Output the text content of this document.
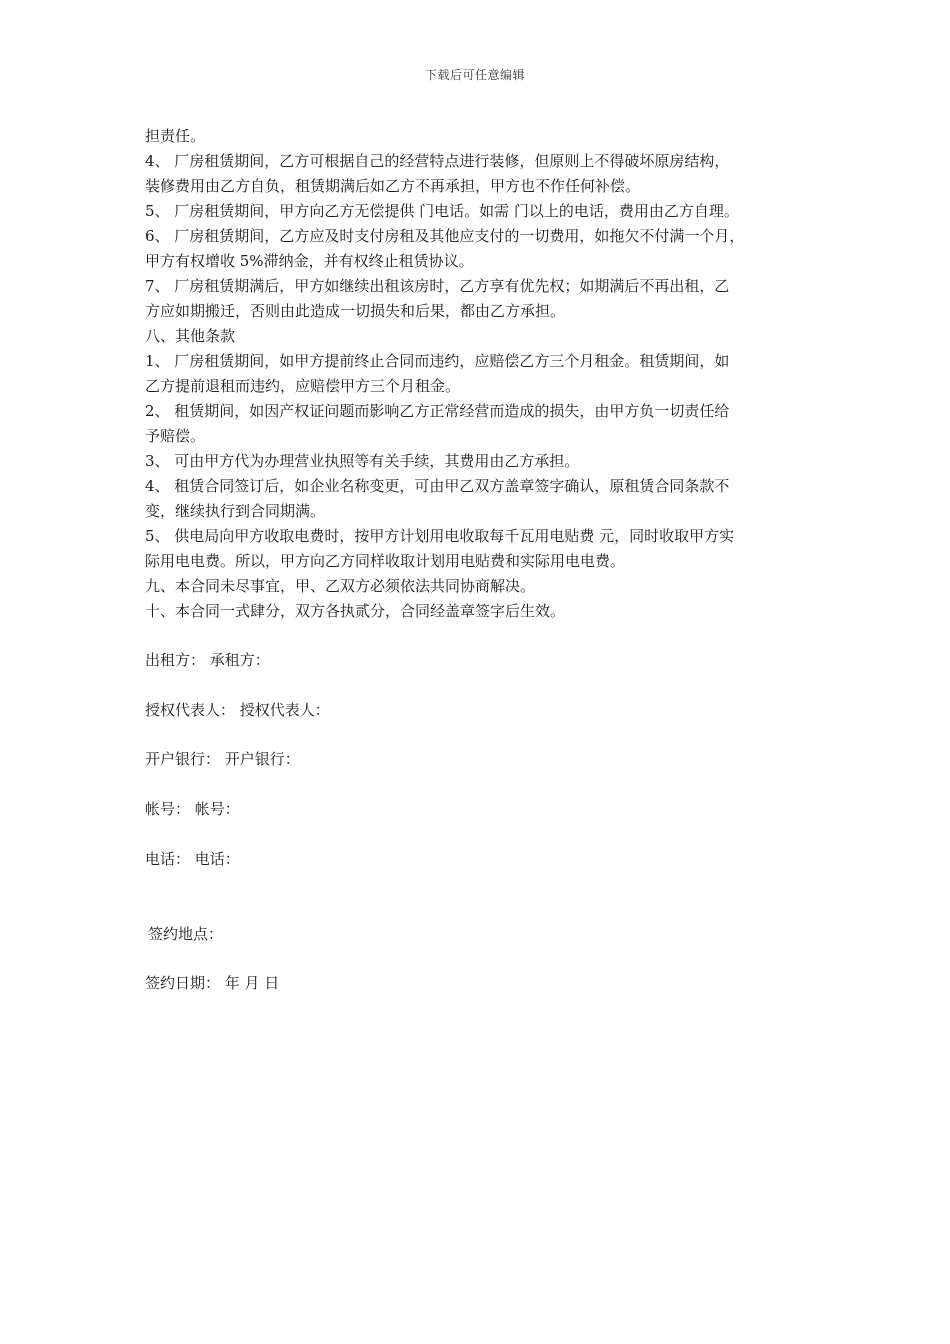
下载后可任意编辑

担责任。

4、 厂房租赁期间，乙方可根据自己的经营特点进行装修，但原则上不得破坏原房结构，

装修费用由乙方自负，租赁期满后如乙方不再承担，甲方也不作任何补偿。

5、 厂房租赁期间，甲方向乙方无偿提供 门电话。如需 门以上的电话，费用由乙方自理。

6、 厂房租赁期间，乙方应及时支付房租及其他应支付的一切费用，如拖欠不付满一个月，

甲方有权增收 5%滞纳金，并有权终止租赁协议。

7、 厂房租赁期满后，甲方如继续出租该房时，乙方享有优先权；如期满后不再出租，乙

方应如期搬迁，否则由此造成一切损失和后果，都由乙方承担。

八、其他条款

1、 厂房租赁期间，如甲方提前终止合同而违约，应赔偿乙方三个月租金。租赁期间，如

乙方提前退租而违约，应赔偿甲方三个月租金。

2、 租赁期间，如因产权证问题而影响乙方正常经营而造成的损失，由甲方负一切责任给

予赔偿。

3、 可由甲方代为办理营业执照等有关手续，其费用由乙方承担。

4、 租赁合同签订后，如企业名称变更，可由甲乙双方盖章签字确认，原租赁合同条款不

变，继续执行到合同期满。

5、 供电局向甲方收取电费时，按甲方计划用电收取每千瓦用电贴费 元，同时收取甲方实

际用电电费。所以，甲方向乙方同样收取计划用电贴费和实际用电电费。

九、本合同未尽事宜，甲、乙双方必须依法共同协商解决。

十、本合同一式肆分，双方各执贰分，合同经盖章签字后生效。

出租方： 承租方：
授权代表人： 授权代表人：
开户银行： 开户银行：
帐号： 帐号：
电话： 电话：
签约地点：
签约日期： 年 月 日
